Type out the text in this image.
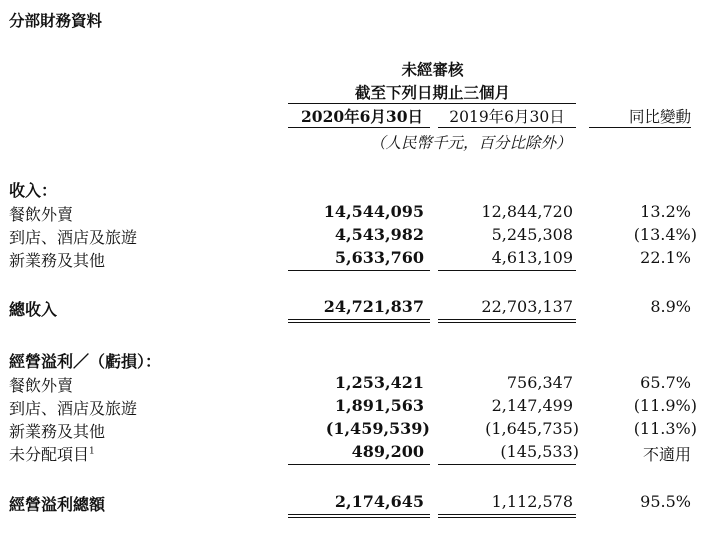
分部財務資料
未經審核
截至下列日期止三個月
2020年6月30日	2019年6月30日	同比變動
（人民幣千元，百分比除外）
收入：
餐飲外賣	14,544,095	12,844,720	13.2%
到店、酒店及旅遊	4,543,982	5,245,308	(13.4%)
新業務及其他	5,633,760	4,613,109	22.1%
總收入	24,721,837	22,703,137	8.9%
經營溢利／（虧損）：
餐飲外賣	1,253,421	756,347	65.7%
到店、酒店及旅遊	1,891,563	2,147,499	(11.9%)
新業務及其他	(1,459,539)	(1,645,735)	(11.3%)
未分配項目$^1$	489,200	(145,533)	不適用
經營溢利總額	2,174,645	1,112,578	95.5%
